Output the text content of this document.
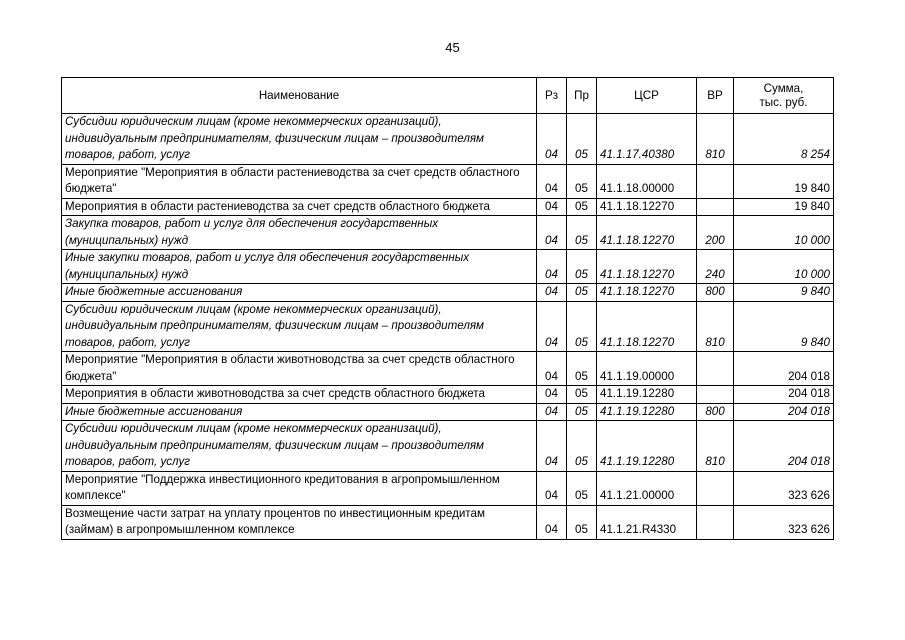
45
Наименование	Рз	Пр	ЦСР	ВР	Сумма,
тыс. руб.

Субсидии юридическим лицам (кроме некоммерческих организаций), индивидуальным предпринимателям, физическим лицам – производителям товаров, работ, услуг	04	05	41.1.17.40380	810	8 254
Мероприятие "Мероприятия в области растениеводства за счет средств областного бюджета"	04	05	41.1.18.00000		19 840
Мероприятия в области растениеводства за счет средств областного бюджета	04	05	41.1.18.12270		19 840
Закупка товаров, работ и услуг для обеспечения государственных (муниципальных) нужд	04	05	41.1.18.12270	200	10 000
Иные закупки товаров, работ и услуг для обеспечения государственных (муниципальных) нужд	04	05	41.1.18.12270	240	10 000
Иные бюджетные ассигнования	04	05	41.1.18.12270	800	9 840
Субсидии юридическим лицам (кроме некоммерческих организаций), индивидуальным предпринимателям, физическим лицам – производителям товаров, работ, услуг	04	05	41.1.18.12270	810	9 840
Мероприятие "Мероприятия в области животноводства за счет средств областного бюджета"	04	05	41.1.19.00000		204 018
Мероприятия в области животноводства за счет средств областного бюджета	04	05	41.1.19.12280		204 018
Иные бюджетные ассигнования	04	05	41.1.19.12280	800	204 018
Субсидии юридическим лицам (кроме некоммерческих организаций), индивидуальным предпринимателям, физическим лицам – производителям товаров, работ, услуг	04	05	41.1.19.12280	810	204 018
Мероприятие "Поддержка инвестиционного кредитования в агропромышленном комплексе"	04	05	41.1.21.00000		323 626
Возмещение части затрат на уплату процентов по инвестиционным кредитам (займам) в агропромышленном комплексе	04	05	41.1.21.R4330		323 626
